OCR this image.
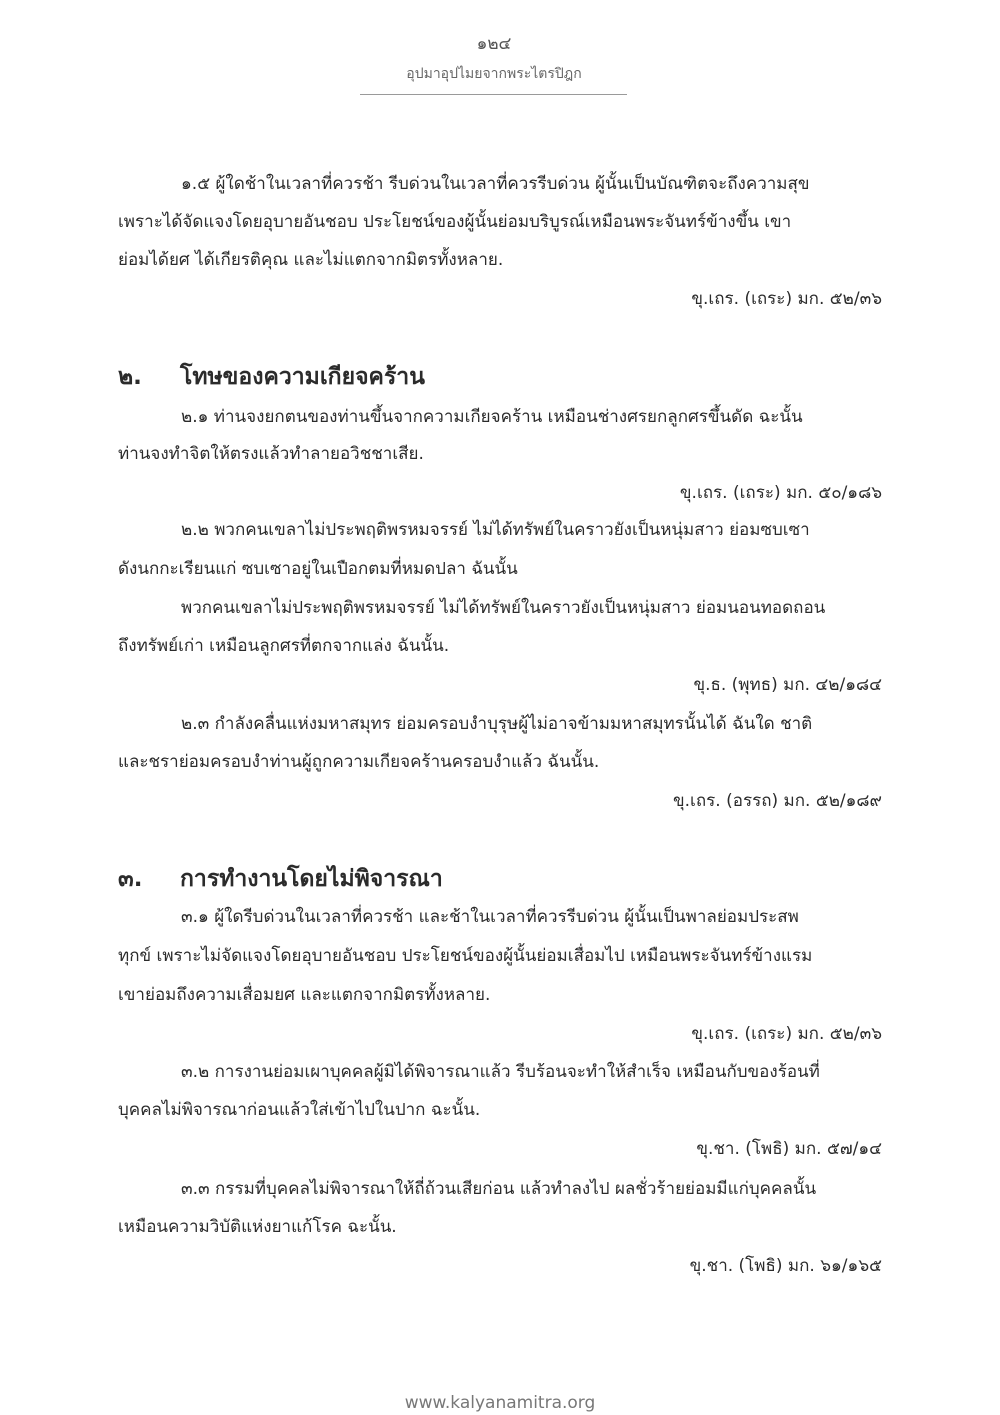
๑๒๔
อุปมาอุปไมยจากพระไตรปิฎก
๑.๕ ผู้ใดช้าในเวลาที่ควรช้า รีบด่วนในเวลาที่ควรรีบด่วน ผู้นั้นเป็นบัณฑิตจะถึงความสุข
เพราะได้จัดแจงโดยอุบายอันชอบ ประโยชน์ของผู้นั้นย่อมบริบูรณ์เหมือนพระจันทร์ข้างขึ้น เขา
ย่อมได้ยศ ได้เกียรติคุณ และไม่แตกจากมิตรทั้งหลาย.
ขุ.เถร. (เถระ) มก. ๕๒/๓๖
๒. โทษของความเกียจคร้าน
๒.๑ ท่านจงยกตนของท่านขึ้นจากความเกียจคร้าน เหมือนช่างศรยกลูกศรขึ้นดัด ฉะนั้น
ท่านจงทำจิตให้ตรงแล้วทำลายอวิชชาเสีย.
ขุ.เถร. (เถระ) มก. ๕๐/๑๘๖
๒.๒ พวกคนเขลาไม่ประพฤติพรหมจรรย์ ไม่ได้ทรัพย์ในคราวยังเป็นหนุ่มสาว ย่อมซบเซา
ดังนกกะเรียนแก่ ซบเซาอยู่ในเปือกตมที่หมดปลา ฉันนั้น
พวกคนเขลาไม่ประพฤติพรหมจรรย์ ไม่ได้ทรัพย์ในคราวยังเป็นหนุ่มสาว ย่อมนอนทอดถอน
ถึงทรัพย์เก่า เหมือนลูกศรที่ตกจากแล่ง ฉันนั้น.
ขุ.ธ. (พุทธ) มก. ๔๒/๑๘๔
๒.๓ กำลังคลื่นแห่งมหาสมุทร ย่อมครอบงำบุรุษผู้ไม่อาจข้ามมหาสมุทรนั้นได้ ฉันใด ชาติ
และชราย่อมครอบงำท่านผู้ถูกความเกียจคร้านครอบงำแล้ว ฉันนั้น.
ขุ.เถร. (อรรถ) มก. ๕๒/๑๘๙
๓. การทำงานโดยไม่พิจารณา
๓.๑ ผู้ใดรีบด่วนในเวลาที่ควรช้า และช้าในเวลาที่ควรรีบด่วน ผู้นั้นเป็นพาลย่อมประสพ
ทุกข์ เพราะไม่จัดแจงโดยอุบายอันชอบ ประโยชน์ของผู้นั้นย่อมเสื่อมไป เหมือนพระจันทร์ข้างแรม
เขาย่อมถึงความเสื่อมยศ และแตกจากมิตรทั้งหลาย.
ขุ.เถร. (เถระ) มก. ๕๒/๓๖
๓.๒ การงานย่อมเผาบุคคลผู้มิได้พิจารณาแล้ว รีบร้อนจะทำให้สำเร็จ เหมือนกับของร้อนที่
บุคคลไม่พิจารณาก่อนแล้วใส่เข้าไปในปาก ฉะนั้น.
ขุ.ชา. (โพธิ) มก. ๕๗/๑๔
๓.๓ กรรมที่บุคคลไม่พิจารณาให้ถี่ถ้วนเสียก่อน แล้วทำลงไป ผลชั่วร้ายย่อมมีแก่บุคคลนั้น
เหมือนความวิบัติแห่งยาแก้โรค ฉะนั้น.
ขุ.ชา. (โพธิ) มก. ๖๑/๑๖๕
www.kalyanamitra.org
